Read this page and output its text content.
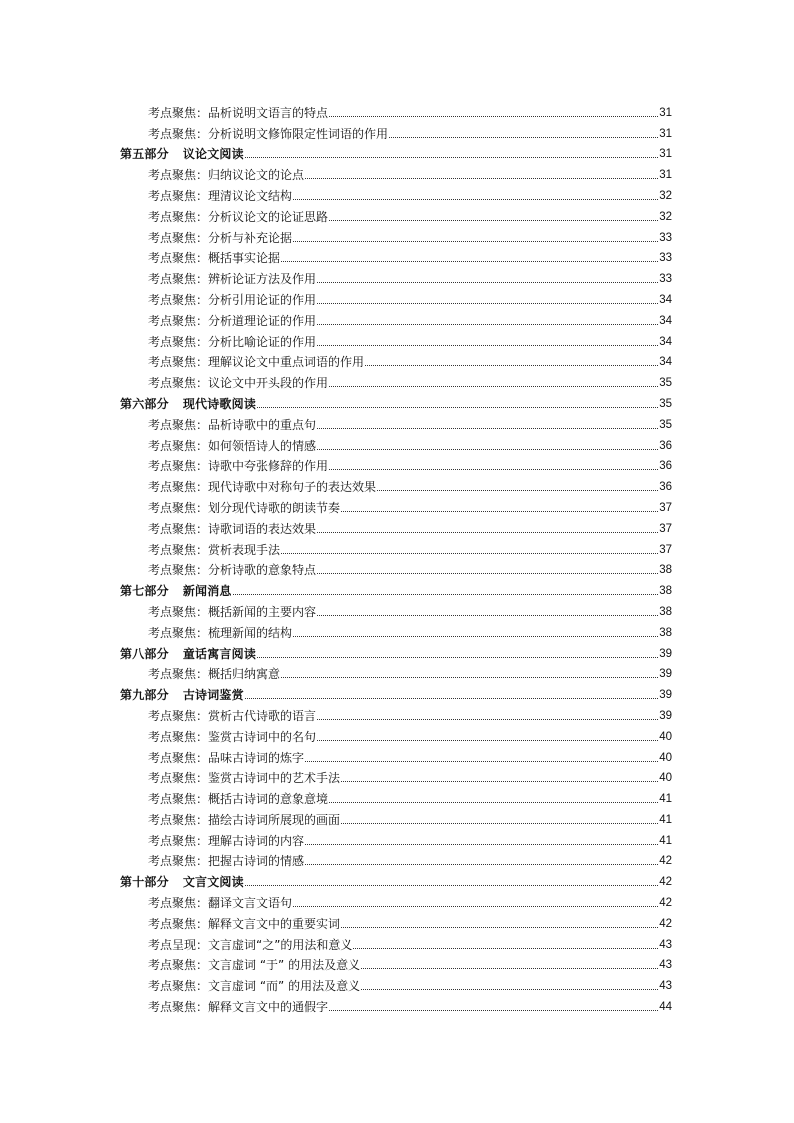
考点聚焦：品析说明文语言的特点	31
考点聚焦：分析说明文修饰限定性词语的作用	31
第五部分 议论文阅读	31
考点聚焦：归纳议论文的论点	31
考点聚焦：理清议论文结构	32
考点聚焦：分析议论文的论证思路	32
考点聚焦：分析与补充论据	33
考点聚焦：概括事实论据	33
考点聚焦：辨析论证方法及作用	33
考点聚焦：分析引用论证的作用	34
考点聚焦：分析道理论证的作用	34
考点聚焦：分析比喻论证的作用	34
考点聚焦：理解议论文中重点词语的作用	34
考点聚焦：议论文中开头段的作用	35
第六部分 现代诗歌阅读	35
考点聚焦：品析诗歌中的重点句	35
考点聚焦：如何领悟诗人的情感	36
考点聚焦：诗歌中夸张修辞的作用	36
考点聚焦：现代诗歌中对称句子的表达效果	36
考点聚焦：划分现代诗歌的朗读节奏	37
考点聚焦：诗歌词语的表达效果	37
考点聚焦：赏析表现手法	37
考点聚焦：分析诗歌的意象特点	38
第七部分 新闻消息	38
考点聚焦：概括新闻的主要内容	38
考点聚焦：梳理新闻的结构	38
第八部分 童话寓言阅读	39
考点聚焦：概括归纳寓意	39
第九部分 古诗词鉴赏	39
考点聚焦：赏析古代诗歌的语言	39
考点聚焦：鉴赏古诗词中的名句	40
考点聚焦：品味古诗词的炼字	40
考点聚焦：鉴赏古诗词中的艺术手法	40
考点聚焦：概括古诗词的意象意境	41
考点聚焦：描绘古诗词所展现的画面	41
考点聚焦：理解古诗词的内容	41
考点聚焦：把握古诗词的情感	42
第十部分 文言文阅读	42
考点聚焦：翻译文言文语句	42
考点聚焦：解释文言文中的重要实词	42
考点呈现：文言虚词“之”的用法和意义	43
考点聚焦：文言虚词 “于” 的用法及意义	43
考点聚焦：文言虚词 “而” 的用法及意义	43
考点聚焦：解释文言文中的通假字	44
